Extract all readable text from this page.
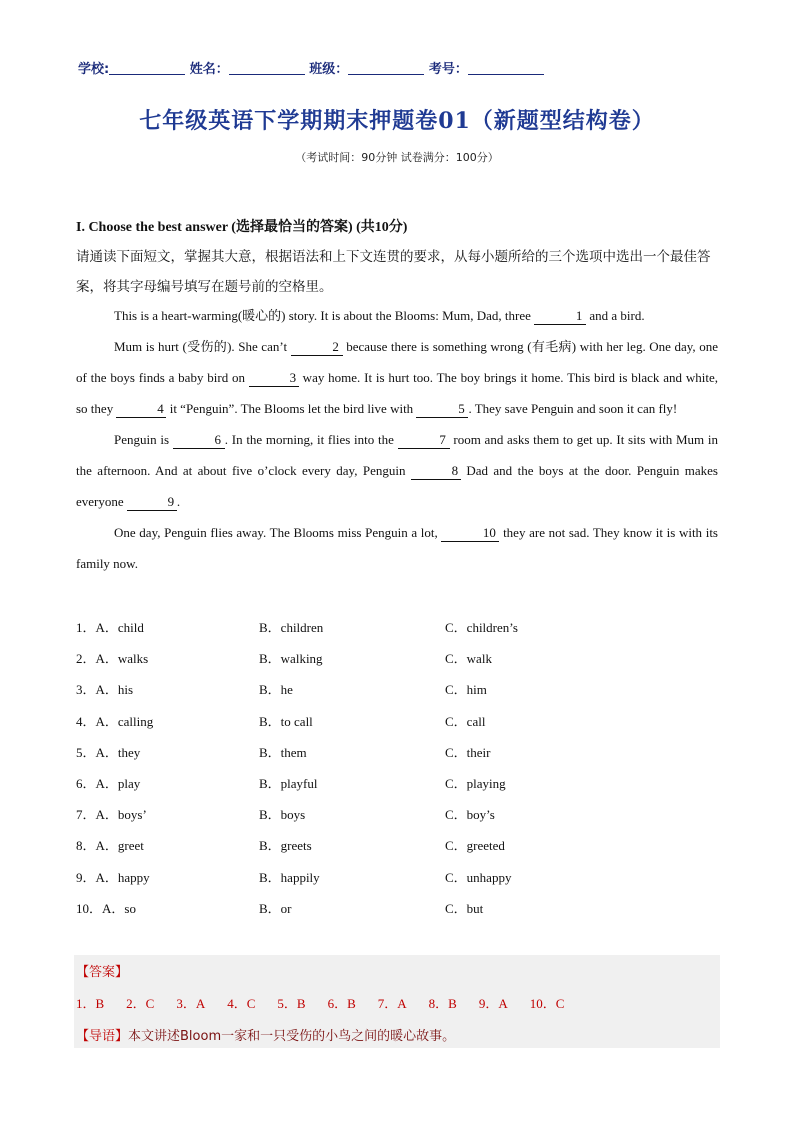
学校:	姓名：	班级：	考号：
七年级英语下学期期末押题卷01（新题型结构卷）
（考试时间：90分钟 试卷满分：100分）
I. Choose the best answer (选择最恰当的答案) (共10分)
请通读下面短文，掌握其大意，根据语法和上下文连贯的要求，从每小题所给的三个选项中选出一个最佳答案，将其字母编号填写在题号前的空格里。

This is a heart-warming(暖心的) story. It is about the Blooms: Mum, Dad, three	1 and a bird.

Mum is hurt (受伤的). She can’t	2 because there is something wrong (有毛病) with her leg. One day, one of the boys finds a baby bird on	3 way home. It is hurt too. The boy brings it home. This bird is black and white, so they	4 it “Penguin”. The Blooms let the bird live with	5 . They save Penguin and soon it can fly!

Penguin is	6 . In the morning, it flies into the	7 room and asks them to get up. It sits with Mum in the afternoon. And at about five o’clock every day, Penguin	8 Dad and the boys at the door. Penguin makes everyone	9 .

One day, Penguin flies away. The Blooms miss Penguin a lot,	10 they are not sad. They know it is with its family now.

1．A．child	B．children	C．children’s
2．A．walks	B．walking	C．walk
3．A．his	B．he	C．him
4．A．calling	B．to call	C．call
5．A．they	B．them	C．their
6．A．play	B．playful	C．playing
7．A．boys’	B．boys	C．boy’s
8．A．greet	B．greets	C．greeted
9．A．happy	B．happily	C．unhappy
10．A．so	B．or	C．but
【答案】
1．B 2．C 3．A 4．C 5．B 6．B 7．A 8．B 9．A 10．C
【导语】本文讲述Bloom一家和一只受伤的小鸟之间的暖心故事。
